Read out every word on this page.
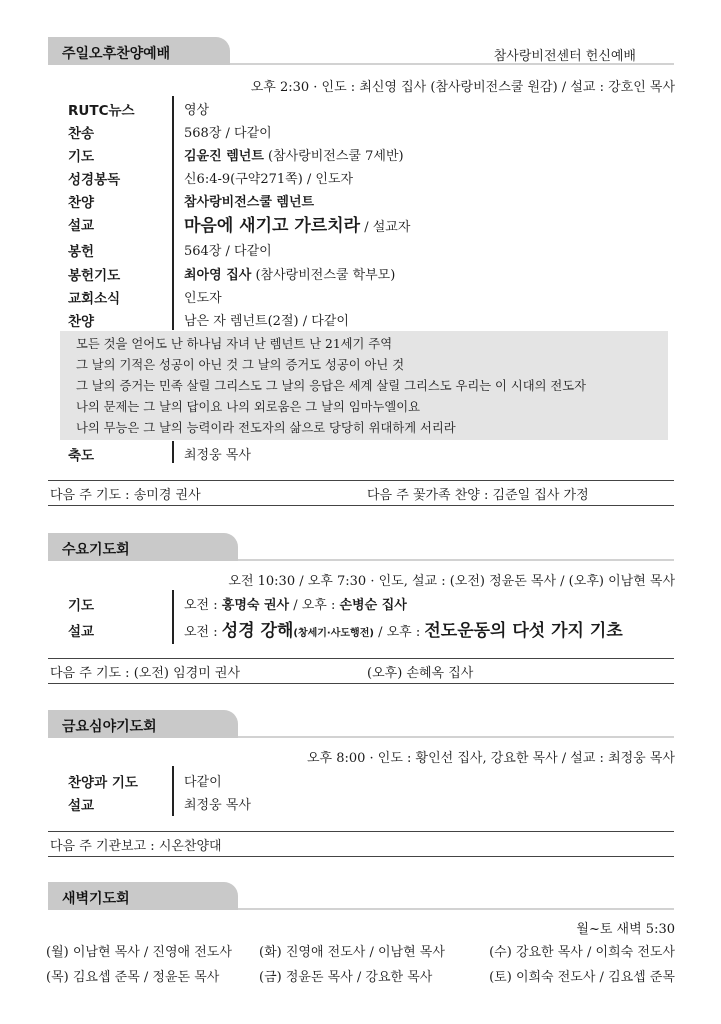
주일오후찬양예배	참사랑비전센터 헌신예배
오후 2:30 · 인도 : 최신영 집사 (참사랑비전스쿨 원감) / 설교 : 강호인 목사
RUTC뉴스	영상
찬송	568장 / 다같이
기도	김윤진 렘넌트 (참사랑비전스쿨 7세반)
성경봉독	신6:4-9(구약271쪽) / 인도자
찬양	참사랑비전스쿨 렘넌트
설교	마음에 새기고 가르치라 / 설교자
봉헌	564장 / 다같이
봉헌기도	최아영 집사 (참사랑비전스쿨 학부모)
교회소식	인도자
찬양	남은 자 렘넌트(2절) / 다같이
모든 것을 얻어도 난 하나님 자녀 난 렘넌트 난 21세기 주역
그 날의 기적은 성공이 아닌 것 그 날의 증거도 성공이 아닌 것
그 날의 증거는 민족 살릴 그리스도 그 날의 응답은 세계 살릴 그리스도 우리는 이 시대의 전도자
나의 문제는 그 날의 답이요 나의 외로움은 그 날의 임마누엘이요
나의 무능은 그 날의 능력이라 전도자의 삶으로 당당히 위대하게 서리라
축도	최정웅 목사
다음 주 기도 : 송미경 권사	다음 주 꽃가족 찬양 : 김준일 집사 가정
수요기도회
오전 10:30 / 오후 7:30 · 인도, 설교 : (오전) 정윤돈 목사 / (오후) 이남현 목사
기도	오전 : 홍명숙 권사 / 오후 : 손병순 집사
설교	오전 : 성경 강해(창세기·사도행전) / 오후 : 전도운동의 다섯 가지 기초
다음 주 기도 : (오전) 임경미 권사	(오후) 손혜옥 집사
금요심야기도회
오후 8:00 · 인도 : 황인선 집사, 강요한 목사 / 설교 : 최정웅 목사
찬양과 기도	다같이
설교	최정웅 목사
다음 주 기관보고 : 시온찬양대
새벽기도회
월~토 새벽 5:30
(월) 이남현 목사 / 진영애 전도사 (화) 진영애 전도사 / 이남현 목사	(수) 강요한 목사 / 이희숙 전도사
(목) 김요셉 준목 / 정윤돈 목사	(금) 정윤돈 목사 / 강요한 목사	(토) 이희숙 전도사 / 김요셉 준목
